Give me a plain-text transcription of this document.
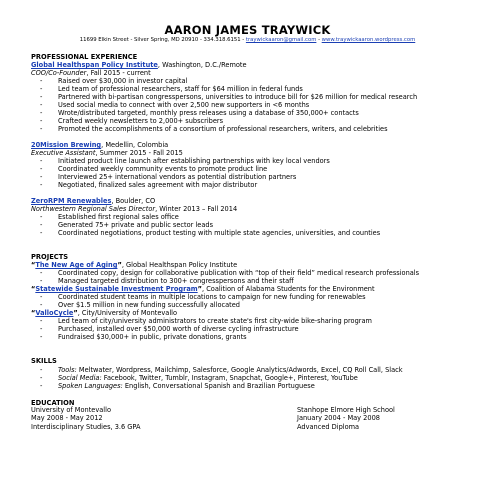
AARON JAMES TRAYWICK
11699 Elkin Street - Silver Spring, MD 20910 - 334.318.6151 - traywickaaron@gmail.com - www.traywickaaron.wordpress.com
PROFESSIONAL EXPERIENCE
Global Healthspan Policy Institute, Washington, D.C./Remote
COO/Co-Founder, Fall 2015 - current
- Raised over $30,000 in investor capital
- Led team of professional researchers, staff for $64 million in federal funds
- Partnered with bi-partisan congresspersons, universities to introduce bill for $26 million for medical research
- Used social media to connect with over 2,500 new supporters in <6 months
- Wrote/distributed targeted, monthly press releases using a database of 350,000+ contacts
- Crafted weekly newsletters to 2,000+ subscribers
- Promoted the accomplishments of a consortium of professional researchers, writers, and celebrities
20Mission Brewing, Medellin, Colombia
Executive Assistant, Summer 2015 - Fall 2015
- Initiated product line launch after establishing partnerships with key local vendors
- Coordinated weekly community events to promote product line
- Interviewed 25+ international vendors as potential distribution partners
- Negotiated, finalized sales agreement with major distributor
ZeroRPM Renewables, Boulder, CO
Northwestern Regional Sales Director, Winter 2013 – Fall 2014
- Established first regional sales office
- Generated 75+ private and public sector leads
- Coordinated negotiations, product testing with multiple state agencies, universities, and counties
PROJECTS
“The New Age of Aging”, Global Healthspan Policy Institute
- Coordinated copy, design for collaborative publication with “top of their field” medical research professionals
- Managed targeted distribution to 300+ congresspersons and their staff
“Statewide Sustainable Investment Program”, Coalition of Alabama Students for the Environment
- Coordinated student teams in multiple locations to campaign for new funding for renewables
- Over $1.5 million in new funding successfully allocated
“ValloCycle”, City/University of Montevallo
- Led team of city/university administrators to create state's first city-wide bike-sharing program
- Purchased, installed over $50,000 worth of diverse cycling infrastructure
- Fundraised $30,000+ in public, private donations, grants
SKILLS
- Tools: Meltwater, Wordpress, Mailchimp, Salesforce, Google Analytics/Adwords, Excel, CQ Roll Call, Slack
- Social Media: Facebook, Twitter, Tumblr, Instagram, Snapchat, Google+, Pinterest, YouTube
- Spoken Languages: English, Conversational Spanish and Brazilian Portuguese
EDUCATION
University of Montevallo
May 2008 - May 2012
Interdisciplinary Studies, 3.6 GPA
Stanhope Elmore High School
January 2004 - May 2008
Advanced Diploma
